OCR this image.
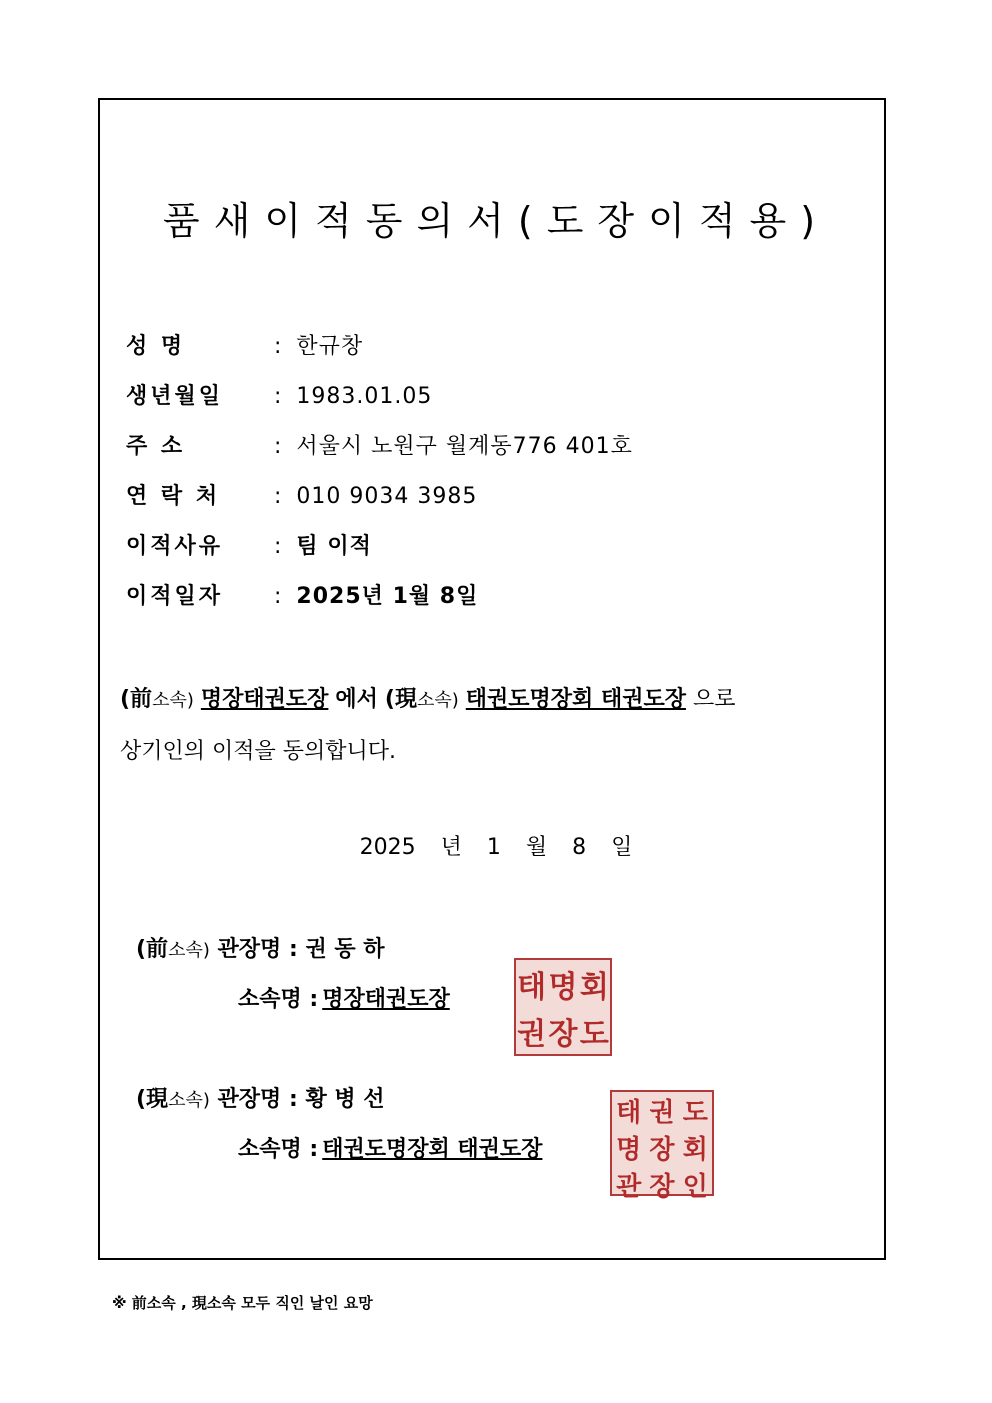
품새이적동의서(도장이적용)
성 명	: 한규창
생년월일 : 1983.01.05
주 소	: 서울시 노원구 월계동776 401호
연 락 처 : 010 9034 3985
이적사유 : 팀 이적
이적일자 : 2025년 1월 8일
(前소속) 명장태권도장 에서 (現소속) 태권도명장회 태권도장 으로
상기인의 이적을 동의합니다.
2025 년 1 월 8 일
(前소속) 관장명 : 권 동 하
소속명 : 명장태권도장	태 명 회
권 장 도
(現소속) 관장명 : 황 병 선
소속명 : 태권도명장회 태권도장
태 권 도
명 장 회
관 장 인
※ 前소속 , 現소속 모두 직인 날인 요망
